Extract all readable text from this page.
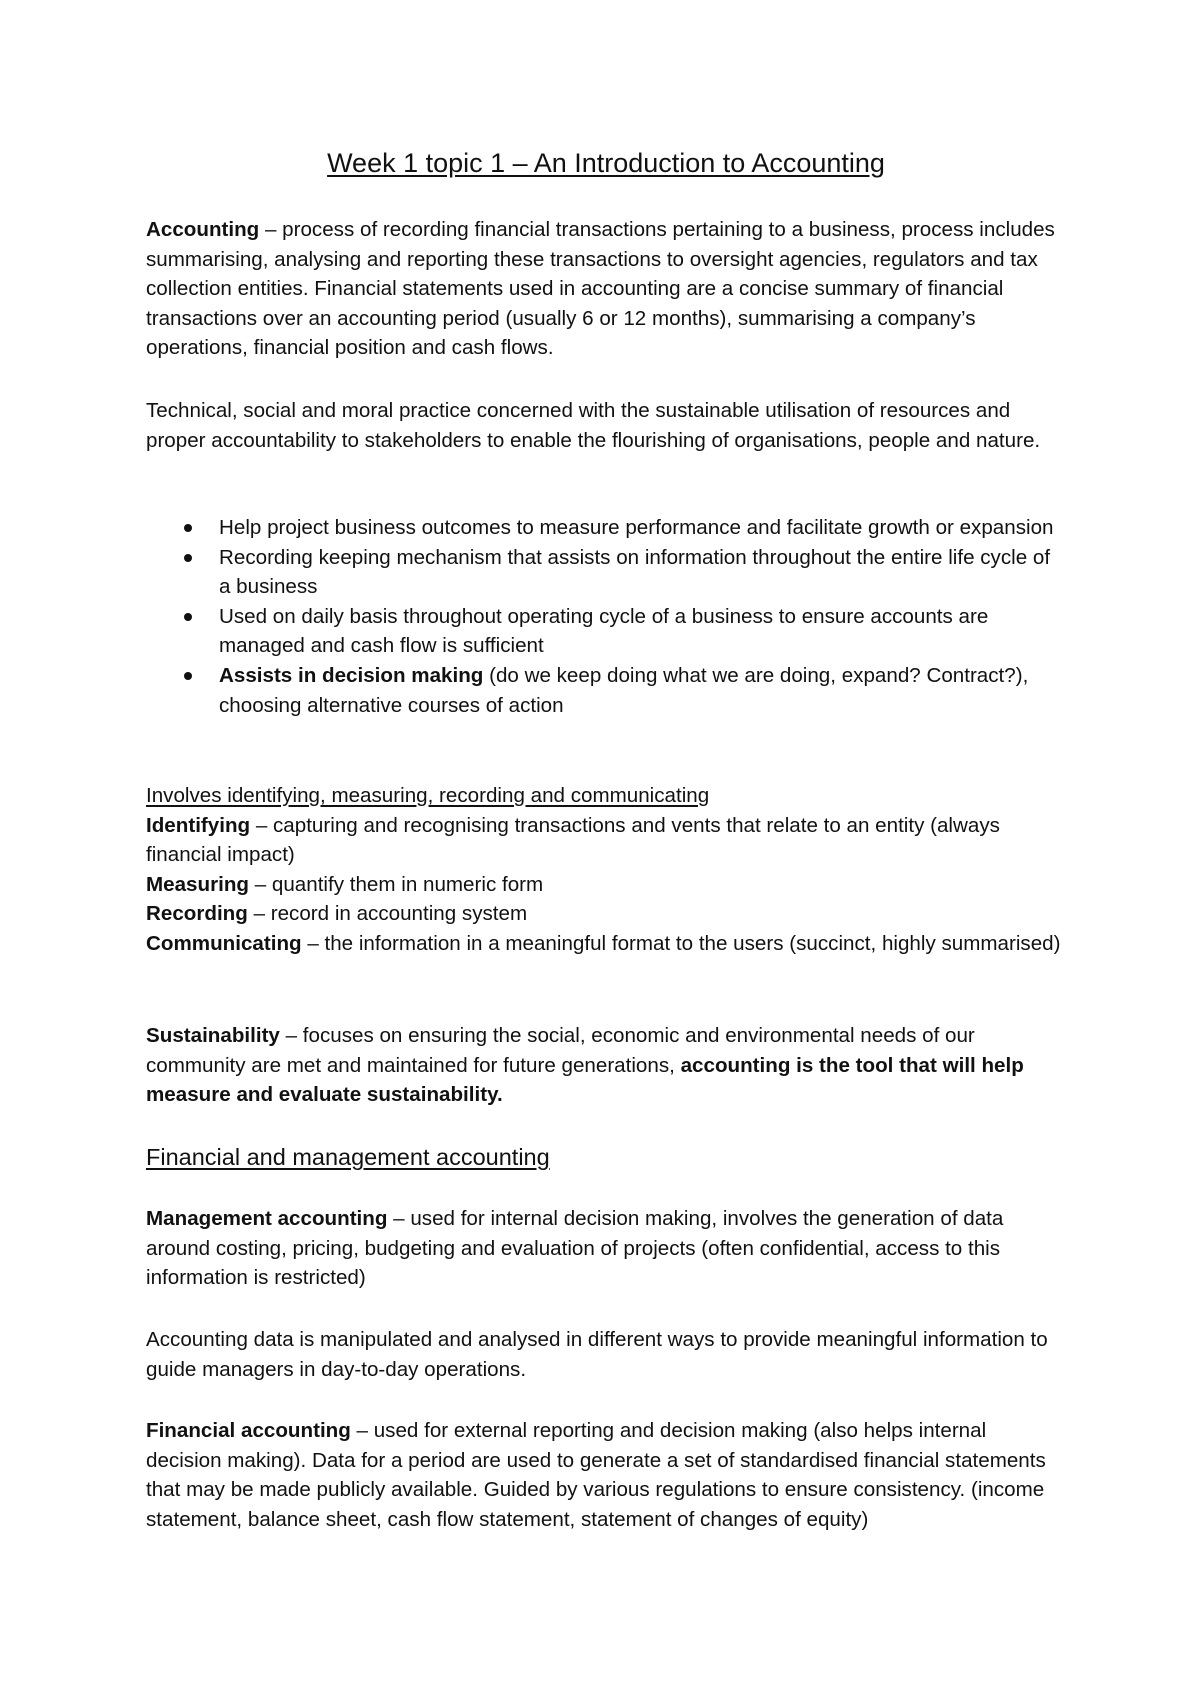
Week 1 topic 1 – An Introduction to Accounting

Accounting – process of recording financial transactions pertaining to a business, process includes summarising, analysing and reporting these transactions to oversight agencies, regulators and tax collection entities. Financial statements used in accounting are a concise summary of financial transactions over an accounting period (usually 6 or 12 months), summarising a company’s operations, financial position and cash flows.

Technical, social and moral practice concerned with the sustainable utilisation of resources and proper accountability to stakeholders to enable the flourishing of organisations, people and nature.

Help project business outcomes to measure performance and facilitate growth or expansion
Recording keeping mechanism that assists on information throughout the entire life cycle of a business
Used on daily basis throughout operating cycle of a business to ensure accounts are managed and cash flow is sufficient
Assists in decision making (do we keep doing what we are doing, expand? Contract?), choosing alternative courses of action
Involves identifying, measuring, recording and communicating
Identifying – capturing and recognising transactions and vents that relate to an entity (always financial impact)
Measuring – quantify them in numeric form
Recording – record in accounting system
Communicating – the information in a meaningful format to the users (succinct, highly summarised)

Sustainability – focuses on ensuring the social, economic and environmental needs of our community are met and maintained for future generations, accounting is the tool that will help measure and evaluate sustainability.

Financial and management accounting

Management accounting – used for internal decision making, involves the generation of data around costing, pricing, budgeting and evaluation of projects (often confidential, access to this information is restricted)

Accounting data is manipulated and analysed in different ways to provide meaningful information to guide managers in day-to-day operations.

Financial accounting – used for external reporting and decision making (also helps internal decision making). Data for a period are used to generate a set of standardised financial statements that may be made publicly available. Guided by various regulations to ensure consistency. (income statement, balance sheet, cash flow statement, statement of changes of equity)
